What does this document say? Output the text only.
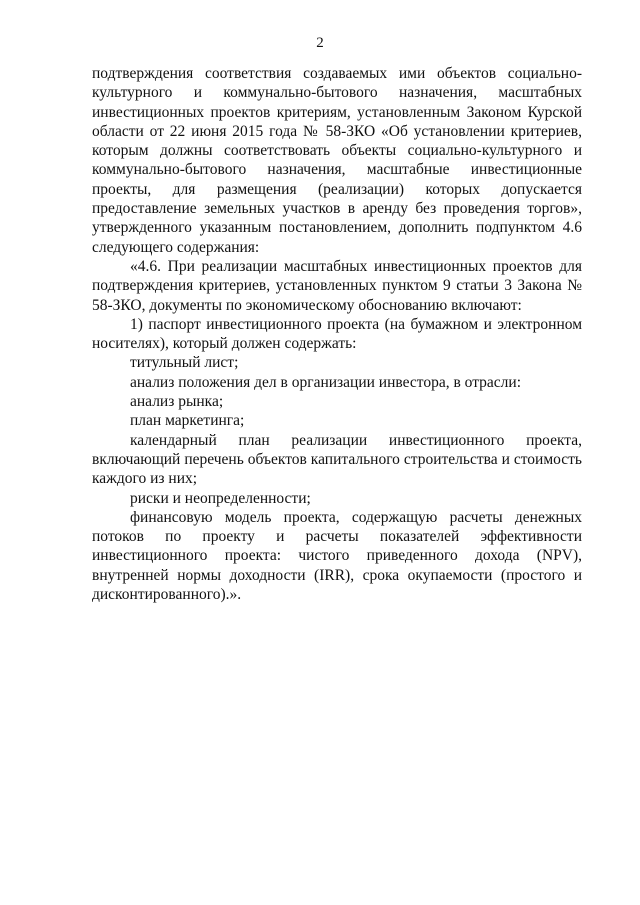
2

подтверждения соответствия создаваемых ими объектов социально-культурного и коммунально-бытового назначения, масштабных инвестиционных проектов критериям, установленным Законом Курской области от 22 июня 2015 года № 58-ЗКО «Об установлении критериев, которым должны соответствовать объекты социально-культурного и коммунально-бытового назначения, масштабные инвестиционные проекты, для размещения (реализации) которых допускается предоставление земельных участков в аренду без проведения торгов», утвержденного указанным постановлением, дополнить подпунктом 4.6 следующего содержания:

«4.6. При реализации масштабных инвестиционных проектов для подтверждения критериев, установленных пунктом 9 статьи 3 Закона № 58-ЗКО, документы по экономическому обоснованию включают:

1) паспорт инвестиционного проекта (на бумажном и электронном носителях), который должен содержать:

титульный лист;

анализ положения дел в организации инвестора, в отрасли:

анализ рынка;

план маркетинга;

календарный план реализации инвестиционного проекта, включающий перечень объектов капитального строительства и стоимость каждого из них;

риски и неопределенности;

финансовую модель проекта, содержащую расчеты денежных потоков по проекту и расчеты показателей эффективности инвестиционного проекта: чистого приведенного дохода (NPV), внутренней нормы доходности (IRR), срока окупаемости (простого и дисконтированного).».
